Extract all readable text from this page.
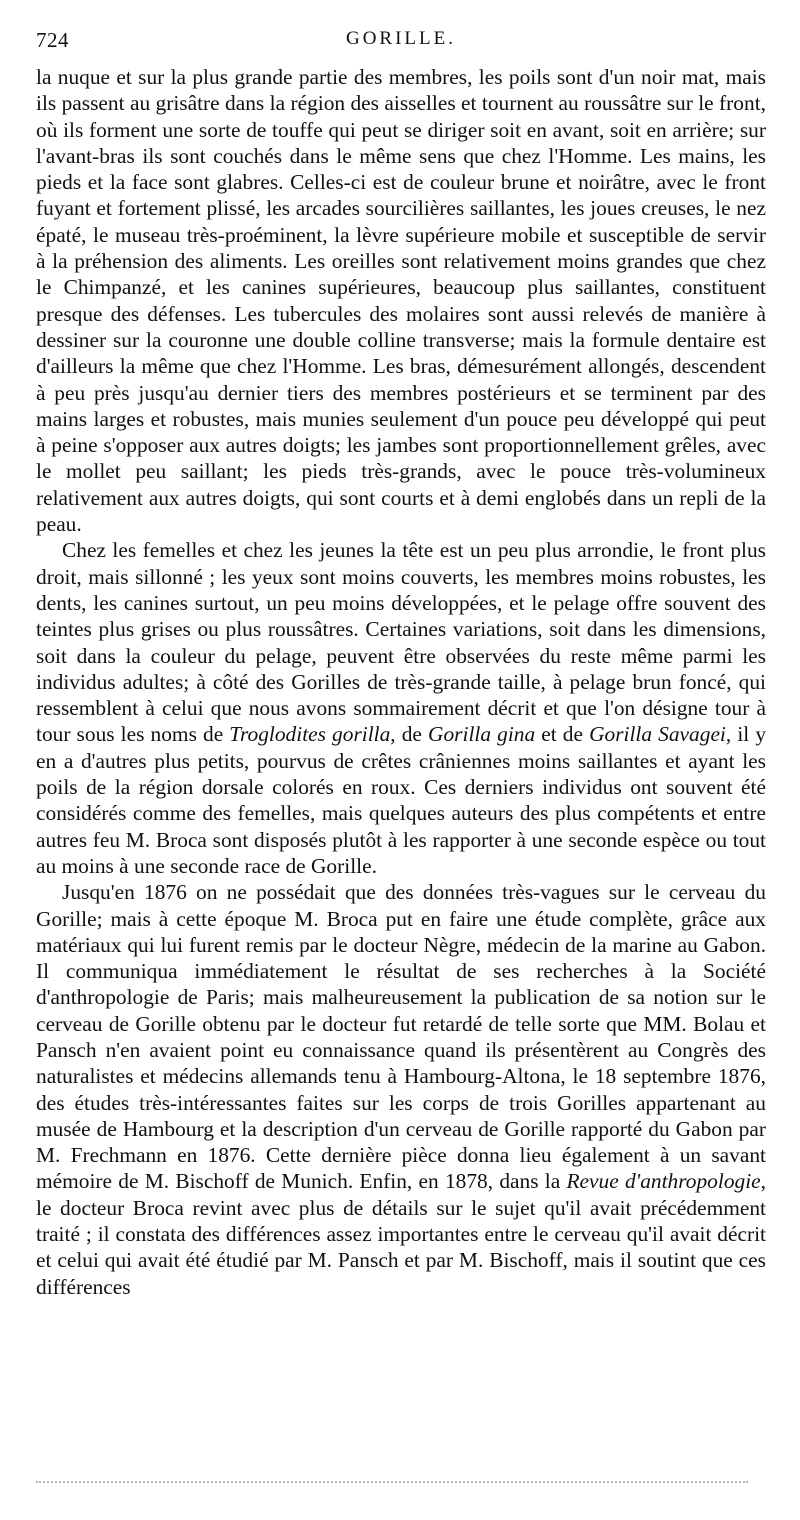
724	GORILLE.

la nuque et sur la plus grande partie des membres, les poils sont d'un noir mat, mais ils passent au grisâtre dans la région des aisselles et tournent au roussâtre sur le front, où ils forment une sorte de touffe qui peut se diriger soit en avant, soit en arrière; sur l'avant-bras ils sont couchés dans le même sens que chez l'Homme. Les mains, les pieds et la face sont glabres. Celles-ci est de couleur brune et noirâtre, avec le front fuyant et fortement plissé, les arcades sourcilières saillantes, les joues creuses, le nez épaté, le museau très-proéminent, la lèvre supérieure mobile et susceptible de servir à la préhension des aliments. Les oreilles sont relativement moins grandes que chez le Chimpanzé, et les canines supérieures, beaucoup plus saillantes, constituent presque des défenses. Les tubercules des molaires sont aussi relevés de manière à dessiner sur la couronne une double colline transverse; mais la formule dentaire est d'ailleurs la même que chez l'Homme. Les bras, démesurément allongés, descendent à peu près jusqu'au dernier tiers des membres postérieurs et se terminent par des mains larges et robustes, mais munies seulement d'un pouce peu développé qui peut à peine s'opposer aux autres doigts; les jambes sont proportionnellement grêles, avec le mollet peu saillant; les pieds très-grands, avec le pouce très-volumineux relativement aux autres doigts, qui sont courts et à demi englobés dans un repli de la peau.

Chez les femelles et chez les jeunes la tête est un peu plus arrondie, le front plus droit, mais sillonné ; les yeux sont moins couverts, les membres moins robustes, les dents, les canines surtout, un peu moins développées, et le pelage offre souvent des teintes plus grises ou plus roussâtres. Certaines variations, soit dans les dimensions, soit dans la couleur du pelage, peuvent être observées du reste même parmi les individus adultes; à côté des Gorilles de très-grande taille, à pelage brun foncé, qui ressemblent à celui que nous avons sommairement décrit et que l'on désigne tour à tour sous les noms de Troglodites gorilla, de Gorilla gina et de Gorilla Savagei, il y en a d'autres plus petits, pourvus de crêtes crâniennes moins saillantes et ayant les poils de la région dorsale colorés en roux. Ces derniers individus ont souvent été considérés comme des femelles, mais quelques auteurs des plus compétents et entre autres feu M. Broca sont disposés plutôt à les rapporter à une seconde espèce ou tout au moins à une seconde race de Gorille.

Jusqu'en 1876 on ne possédait que des données très-vagues sur le cerveau du Gorille; mais à cette époque M. Broca put en faire une étude complète, grâce aux matériaux qui lui furent remis par le docteur Nègre, médecin de la marine au Gabon. Il communiqua immédiatement le résultat de ses recherches à la Société d'anthropologie de Paris; mais malheureusement la publication de sa notion sur le cerveau de Gorille obtenu par le docteur fut retardé de telle sorte que MM. Bolau et Pansch n'en avaient point eu connaissance quand ils présentèrent au Congrès des naturalistes et médecins allemands tenu à Hambourg-Altona, le 18 septembre 1876, des études très-intéressantes faites sur les corps de trois Gorilles appartenant au musée de Hambourg et la description d'un cerveau de Gorille rapporté du Gabon par M. Frechmann en 1876. Cette dernière pièce donna lieu également à un savant mémoire de M. Bischoff de Munich. Enfin, en 1878, dans la Revue d'anthropologie, le docteur Broca revint avec plus de détails sur le sujet qu'il avait précédemment traité ; il constata des différences assez importantes entre le cerveau qu'il avait décrit et celui qui avait été étudié par M. Pansch et par M. Bischoff, mais il soutint que ces différences
